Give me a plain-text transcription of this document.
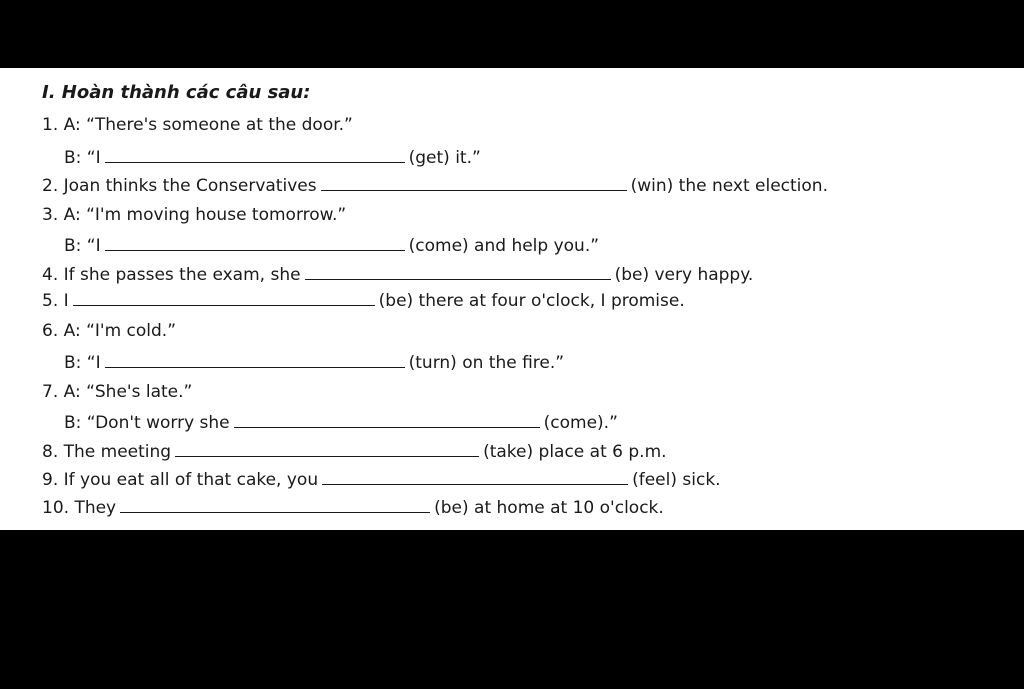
I. Hoàn thành các câu sau:
1. A: “There's someone at the door.”
B: “I	(get) it.”
2. Joan thinks the Conservatives	(win) the next election.
3. A: “I'm moving house tomorrow.”
B: “I	(come) and help you.”
4. If she passes the exam, she	(be) very happy.
5. I	(be) there at four o'clock, I promise.
6. A: “I'm cold.”
B: “I	(turn) on the fire.”
7. A: “She's late.”
B: “Don't worry she	(come).”
8. The meeting	(take) place at 6 p.m.
9. If you eat all of that cake, you	(feel) sick.
10. They	(be) at home at 10 o'clock.
